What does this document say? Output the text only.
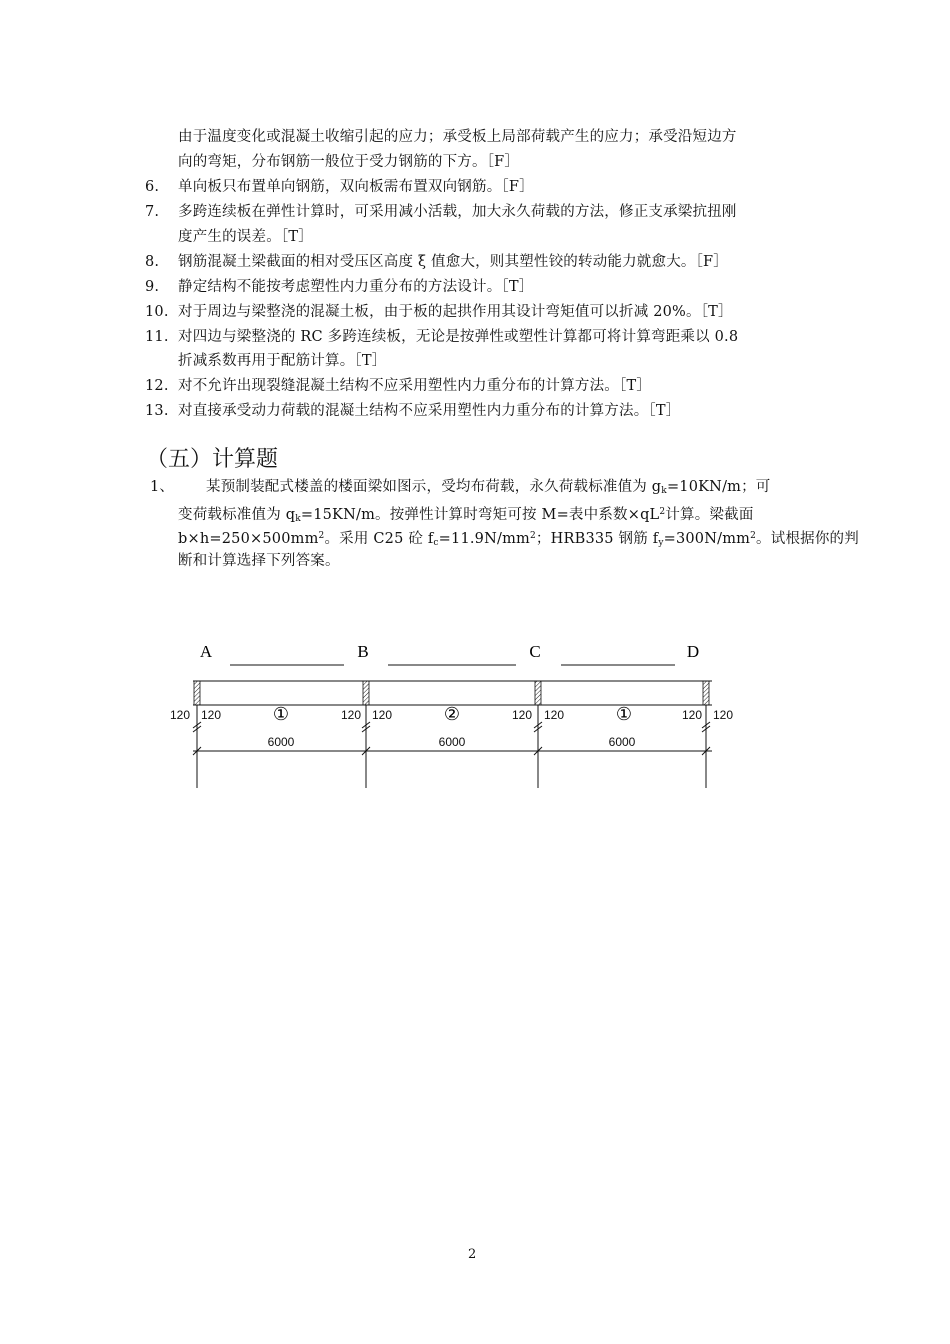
由于温度变化或混凝土收缩引起的应力；承受板上局部荷载产生的应力；承受沿短边方
向的弯矩，分布钢筋一般位于受力钢筋的下方。［F］
6. 单向板只布置单向钢筋，双向板需布置双向钢筋。［F］
7. 多跨连续板在弹性计算时，可采用减小活载，加大永久荷载的方法，修正支承梁抗扭刚
度产生的误差。［T］
8. 钢筋混凝土梁截面的相对受压区高度 ξ 值愈大，则其塑性铰的转动能力就愈大。［F］
9. 静定结构不能按考虑塑性内力重分布的方法设计。［T］
10. 对于周边与梁整浇的混凝土板，由于板的起拱作用其设计弯矩值可以折减 20%。［T］
11. 对四边与梁整浇的 RC 多跨连续板，无论是按弹性或塑性计算都可将计算弯距乘以 0.8
折减系数再用于配筋计算。［T］
12. 对不允许出现裂缝混凝土结构不应采用塑性内力重分布的计算方法。［T］
13. 对直接承受动力荷载的混凝土结构不应采用塑性内力重分布的计算方法。［T］
（五）计算题
1、 某预制装配式楼盖的楼面梁如图示，受均布荷载，永久荷载标准值为 $g_k=10KN/m$；可
变荷载标准值为 $q_k=15KN/m$。按弹性计算时弯矩可按 M=表中系数$\times qL^2$计算。梁截面
$b\times h=250\times 500mm^2$。采用 C25 砼 $f_c=11.9N/mm^2$；HRB335 钢筋 $f_y=300N/mm^2$。试根据你的判
断和计算选择下列答案。
A	B	C	D
120 120	120 120	120 120	120 120
①	②	①
6000	6000	6000
2
